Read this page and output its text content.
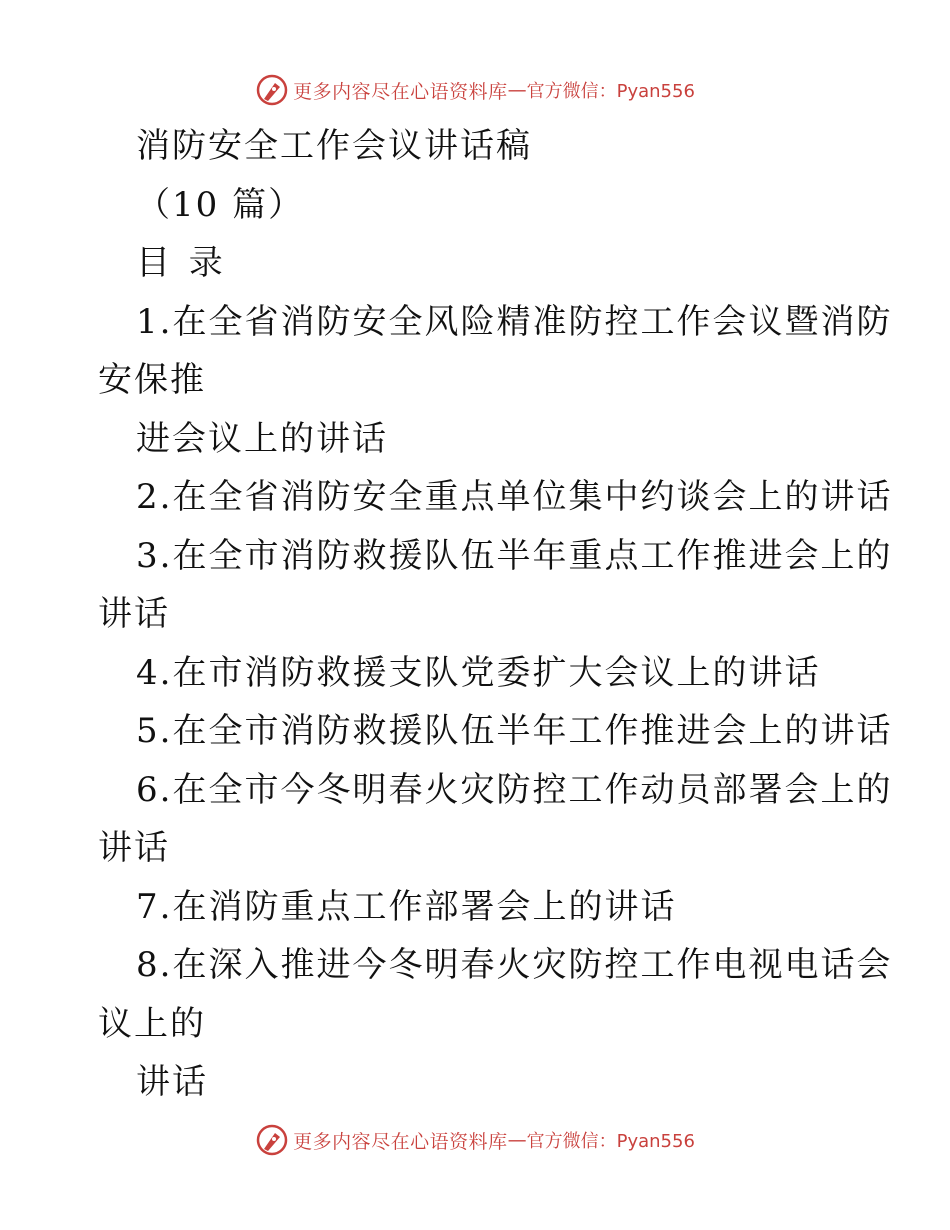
更多内容尽在心语资料库 — 官方微信：Pyan556
消防安全工作会议讲话稿
（10 篇）
目 录
1.在全省消防安全风险精准防控工作会议暨消防
安保推
进会议上的讲话
2.在全省消防安全重点单位集中约谈会上的讲话
3.在全市消防救援队伍半年重点工作推进会上的
讲话
4.在市消防救援支队党委扩大会议上的讲话
5.在全市消防救援队伍半年工作推进会上的讲话
6.在全市今冬明春火灾防控工作动员部署会上的
讲话
7.在消防重点工作部署会上的讲话
8.在深入推进今冬明春火灾防控工作电视电话会
议上的
讲话
更多内容尽在心语资料库 — 官方微信：Pyan556
